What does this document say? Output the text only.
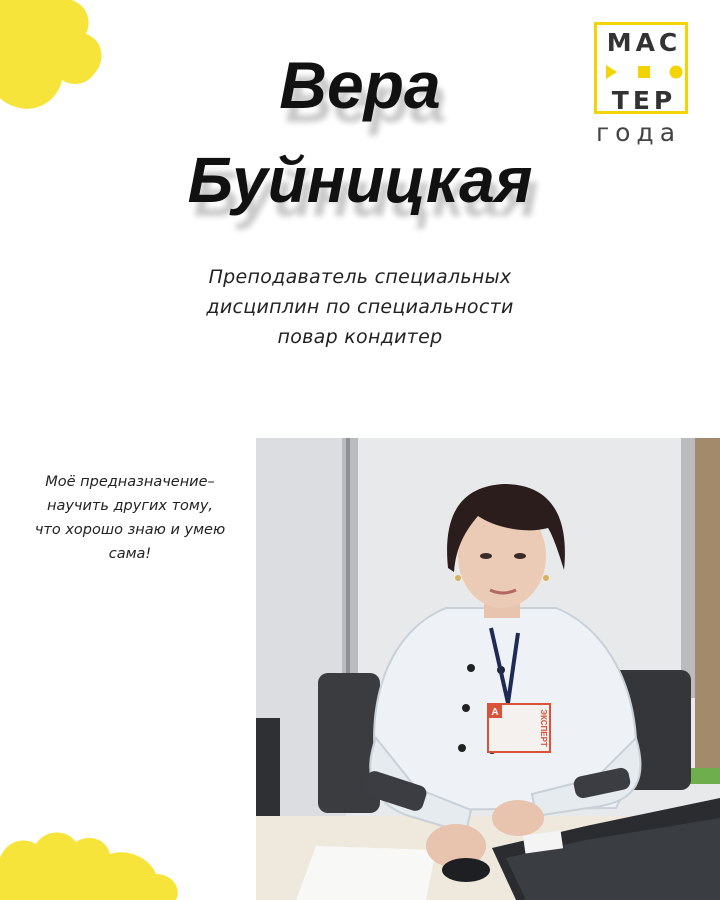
МАС
ТЕР
года
Вера
Буйницкая
Преподаватель специальных
дисциплин по специальности
повар кондитер
Моё предназначение–
научить других тому,
что хорошо знаю и умею
сама!
А	ЭКСПЕРТ
